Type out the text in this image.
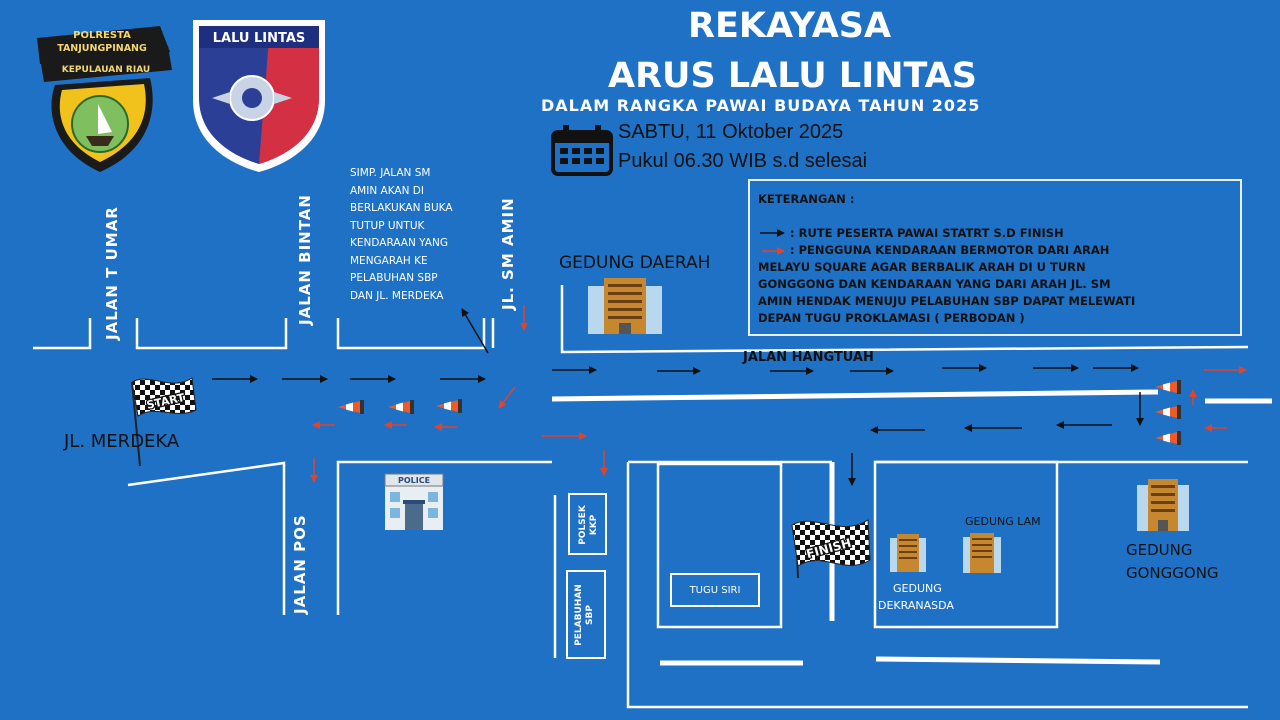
START
FINISH
POLICE
POLRESTA
TANJUNGPINANG
KEPULAUAN RIAU
LALU LINTAS	REKAYASA
ARUS LALU LINTAS
DALAM RANGKA PAWAI BUDAYA TAHUN 2025
SABTU, 11 Oktober 2025
Pukul 06.30 WIB s.d selesai
KETERANGAN :
: RUTE PESERTA PAWAI STATRT S.D FINISH
: PENGGUNA KENDARAAN BERMOTOR DARI ARAH
MELAYU SQUARE AGAR BERBALIK ARAH DI U TURN
GONGGONG DAN KENDARAAN YANG DARI ARAH JL. SM
AMIN HENDAK MENUJU PELABUHAN SBP DAPAT MELEWATI
DEPAN TUGU PROKLAMASI ( PERBODAN )
SIMP. JALAN SM
AMIN AKAN DI
BERLAKUKAN BUKA
TUTUP UNTUK
KENDARAAN YANG
MENGARAH KE
PELABUHAN SBP
DAN JL. MERDEKA
JALAN T UMAR	JALAN BINTAN	JL. SM AMIN
JALAN POS
JALAN HANGTUAH
JL. MERDEKA
GEDUNG DAERAH
GEDUNG LAM
GEDUNG
GONGGONG
GEDUNG
DEKRANASDA
TUGU SIRI
POLSEK KKP
PELABUHAN SBP
